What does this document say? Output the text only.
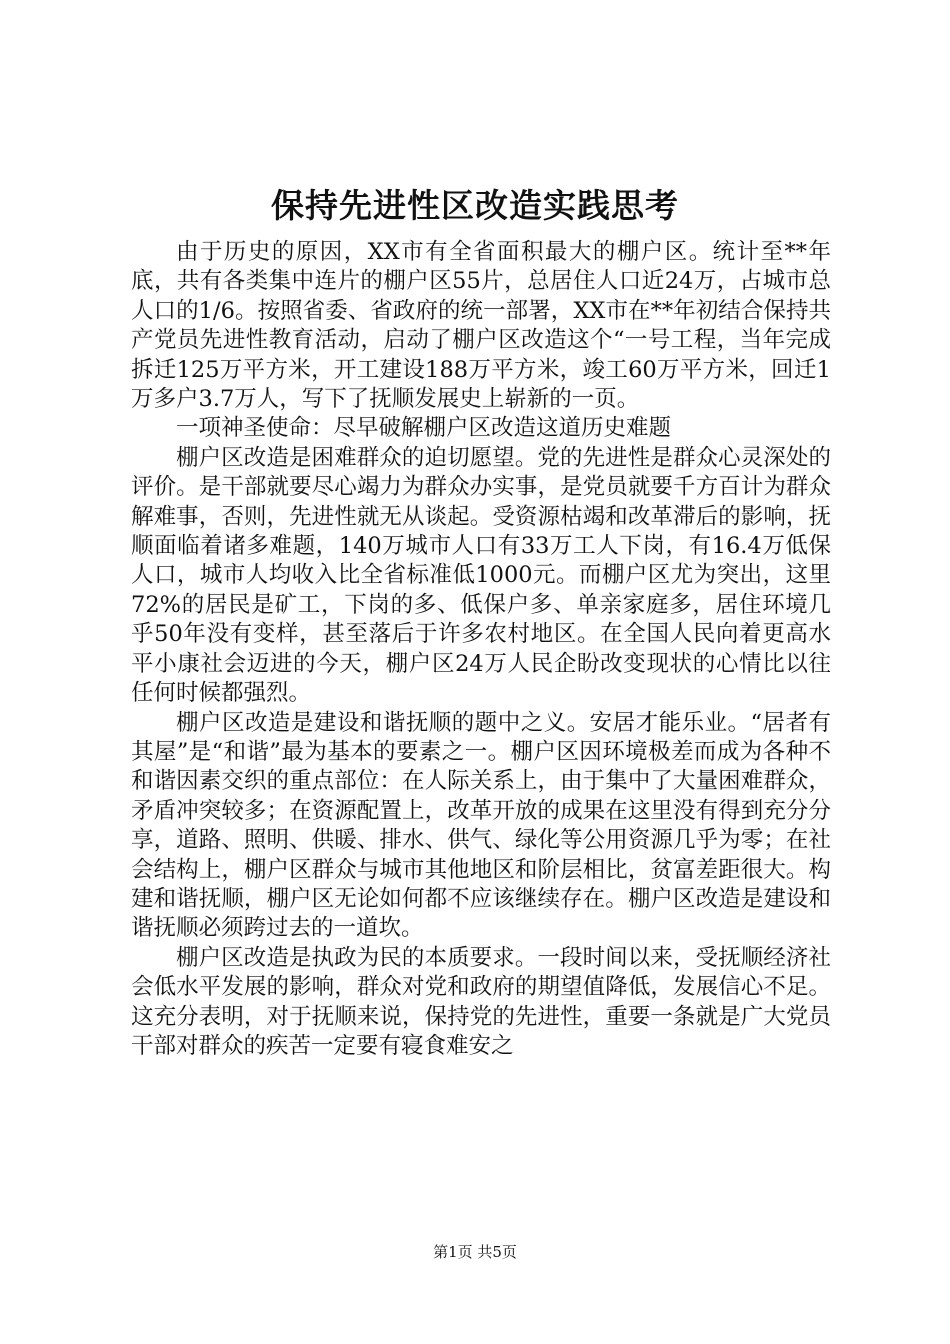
保持先进性区改造实践思考

由于历史的原因，XX市有全省面积最大的棚户区。统计至**年底，共有各类集中连片的棚户区55片，总居住人口近24万，占城市总人口的1/6。按照省委、省政府的统一部署，XX市在**年初结合保持共产党员先进性教育活动，启动了棚户区改造这个“一号工程，当年完成拆迁125万平方米，开工建设188万平方米，竣工60万平方米，回迁1万多户3.7万人，写下了抚顺发展史上崭新的一页。

一项神圣使命：尽早破解棚户区改造这道历史难题

棚户区改造是困难群众的迫切愿望。党的先进性是群众心灵深处的评价。是干部就要尽心竭力为群众办实事，是党员就要千方百计为群众解难事，否则，先进性就无从谈起。受资源枯竭和改革滞后的影响，抚顺面临着诸多难题，140万城市人口有33万工人下岗，有16.4万低保人口，城市人均收入比全省标准低1000元。而棚户区尤为突出，这里72%的居民是矿工，下岗的多、低保户多、单亲家庭多，居住环境几乎50年没有变样，甚至落后于许多农村地区。在全国人民向着更高水平小康社会迈进的今天，棚户区24万人民企盼改变现状的心情比以往任何时候都强烈。

棚户区改造是建设和谐抚顺的题中之义。安居才能乐业。“居者有其屋”是“和谐”最为基本的要素之一。棚户区因环境极差而成为各种不和谐因素交织的重点部位：在人际关系上，由于集中了大量困难群众，矛盾冲突较多；在资源配置上，改革开放的成果在这里没有得到充分分享，道路、照明、供暖、排水、供气、绿化等公用资源几乎为零；在社会结构上，棚户区群众与城市其他地区和阶层相比，贫富差距很大。构建和谐抚顺，棚户区无论如何都不应该继续存在。棚户区改造是建设和谐抚顺必须跨过去的一道坎。

棚户区改造是执政为民的本质要求。一段时间以来，受抚顺经济社会低水平发展的影响，群众对党和政府的期望值降低，发展信心不足。这充分表明，对于抚顺来说，保持党的先进性，重要一条就是广大党员干部对群众的疾苦一定要有寝食难安之

第1页 共5页
